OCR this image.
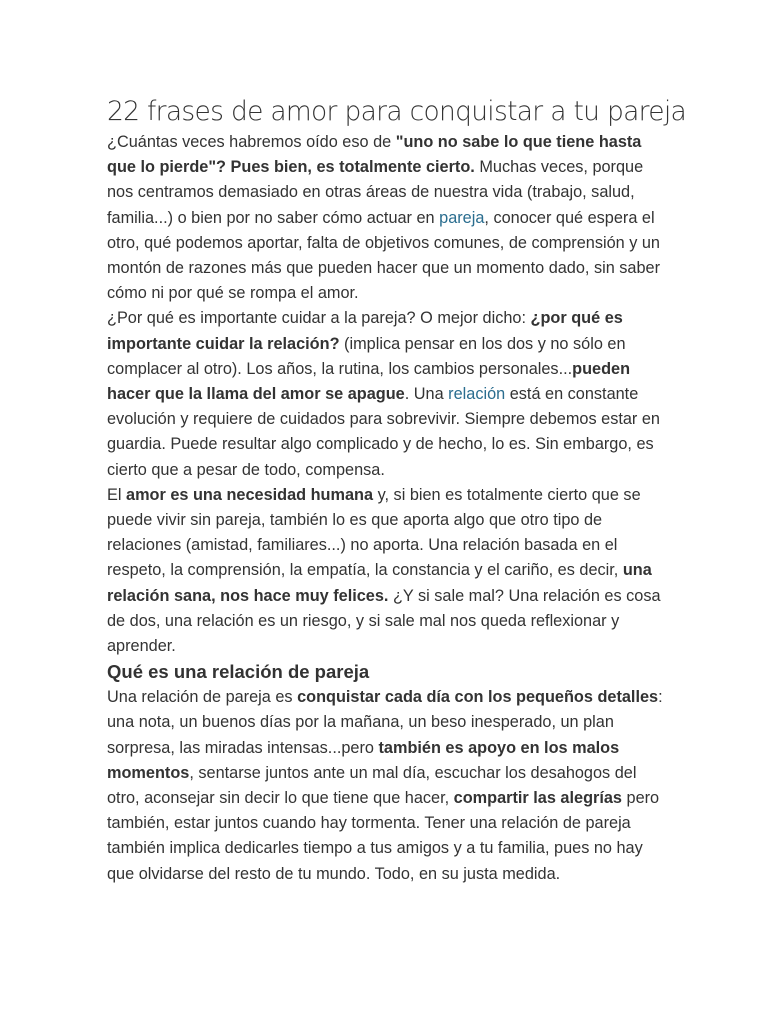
22 frases de amor para conquistar a tu pareja

¿Cuántas veces habremos oído eso de "uno no sabe lo que tiene hasta que lo pierde"? Pues bien, es totalmente cierto. Muchas veces, porque nos centramos demasiado en otras áreas de nuestra vida (trabajo, salud, familia...) o bien por no saber cómo actuar en pareja, conocer qué espera el otro, qué podemos aportar, falta de objetivos comunes, de comprensión y un montón de razones más que pueden hacer que un momento dado, sin saber cómo ni por qué se rompa el amor.

¿Por qué es importante cuidar a la pareja? O mejor dicho: ¿por qué es importante cuidar la relación? (implica pensar en los dos y no sólo en complacer al otro). Los años, la rutina, los cambios personales...pueden hacer que la llama del amor se apague. Una relación está en constante evolución y requiere de cuidados para sobrevivir. Siempre debemos estar en guardia. Puede resultar algo complicado y de hecho, lo es. Sin embargo, es cierto que a pesar de todo, compensa.

El amor es una necesidad humana y, si bien es totalmente cierto que se puede vivir sin pareja, también lo es que aporta algo que otro tipo de relaciones (amistad, familiares...) no aporta. Una relación basada en el respeto, la comprensión, la empatía, la constancia y el cariño, es decir, una relación sana, nos hace muy felices. ¿Y si sale mal? Una relación es cosa de dos, una relación es un riesgo, y si sale mal nos queda reflexionar y aprender.

Qué es una relación de pareja

Una relación de pareja es conquistar cada día con los pequeños detalles: una nota, un buenos días por la mañana, un beso inesperado, un plan sorpresa, las miradas intensas...pero también es apoyo en los malos momentos, sentarse juntos ante un mal día, escuchar los desahogos del otro, aconsejar sin decir lo que tiene que hacer, compartir las alegrías pero también, estar juntos cuando hay tormenta. Tener una relación de pareja también implica dedicarles tiempo a tus amigos y a tu familia, pues no hay que olvidarse del resto de tu mundo. Todo, en su justa medida.
